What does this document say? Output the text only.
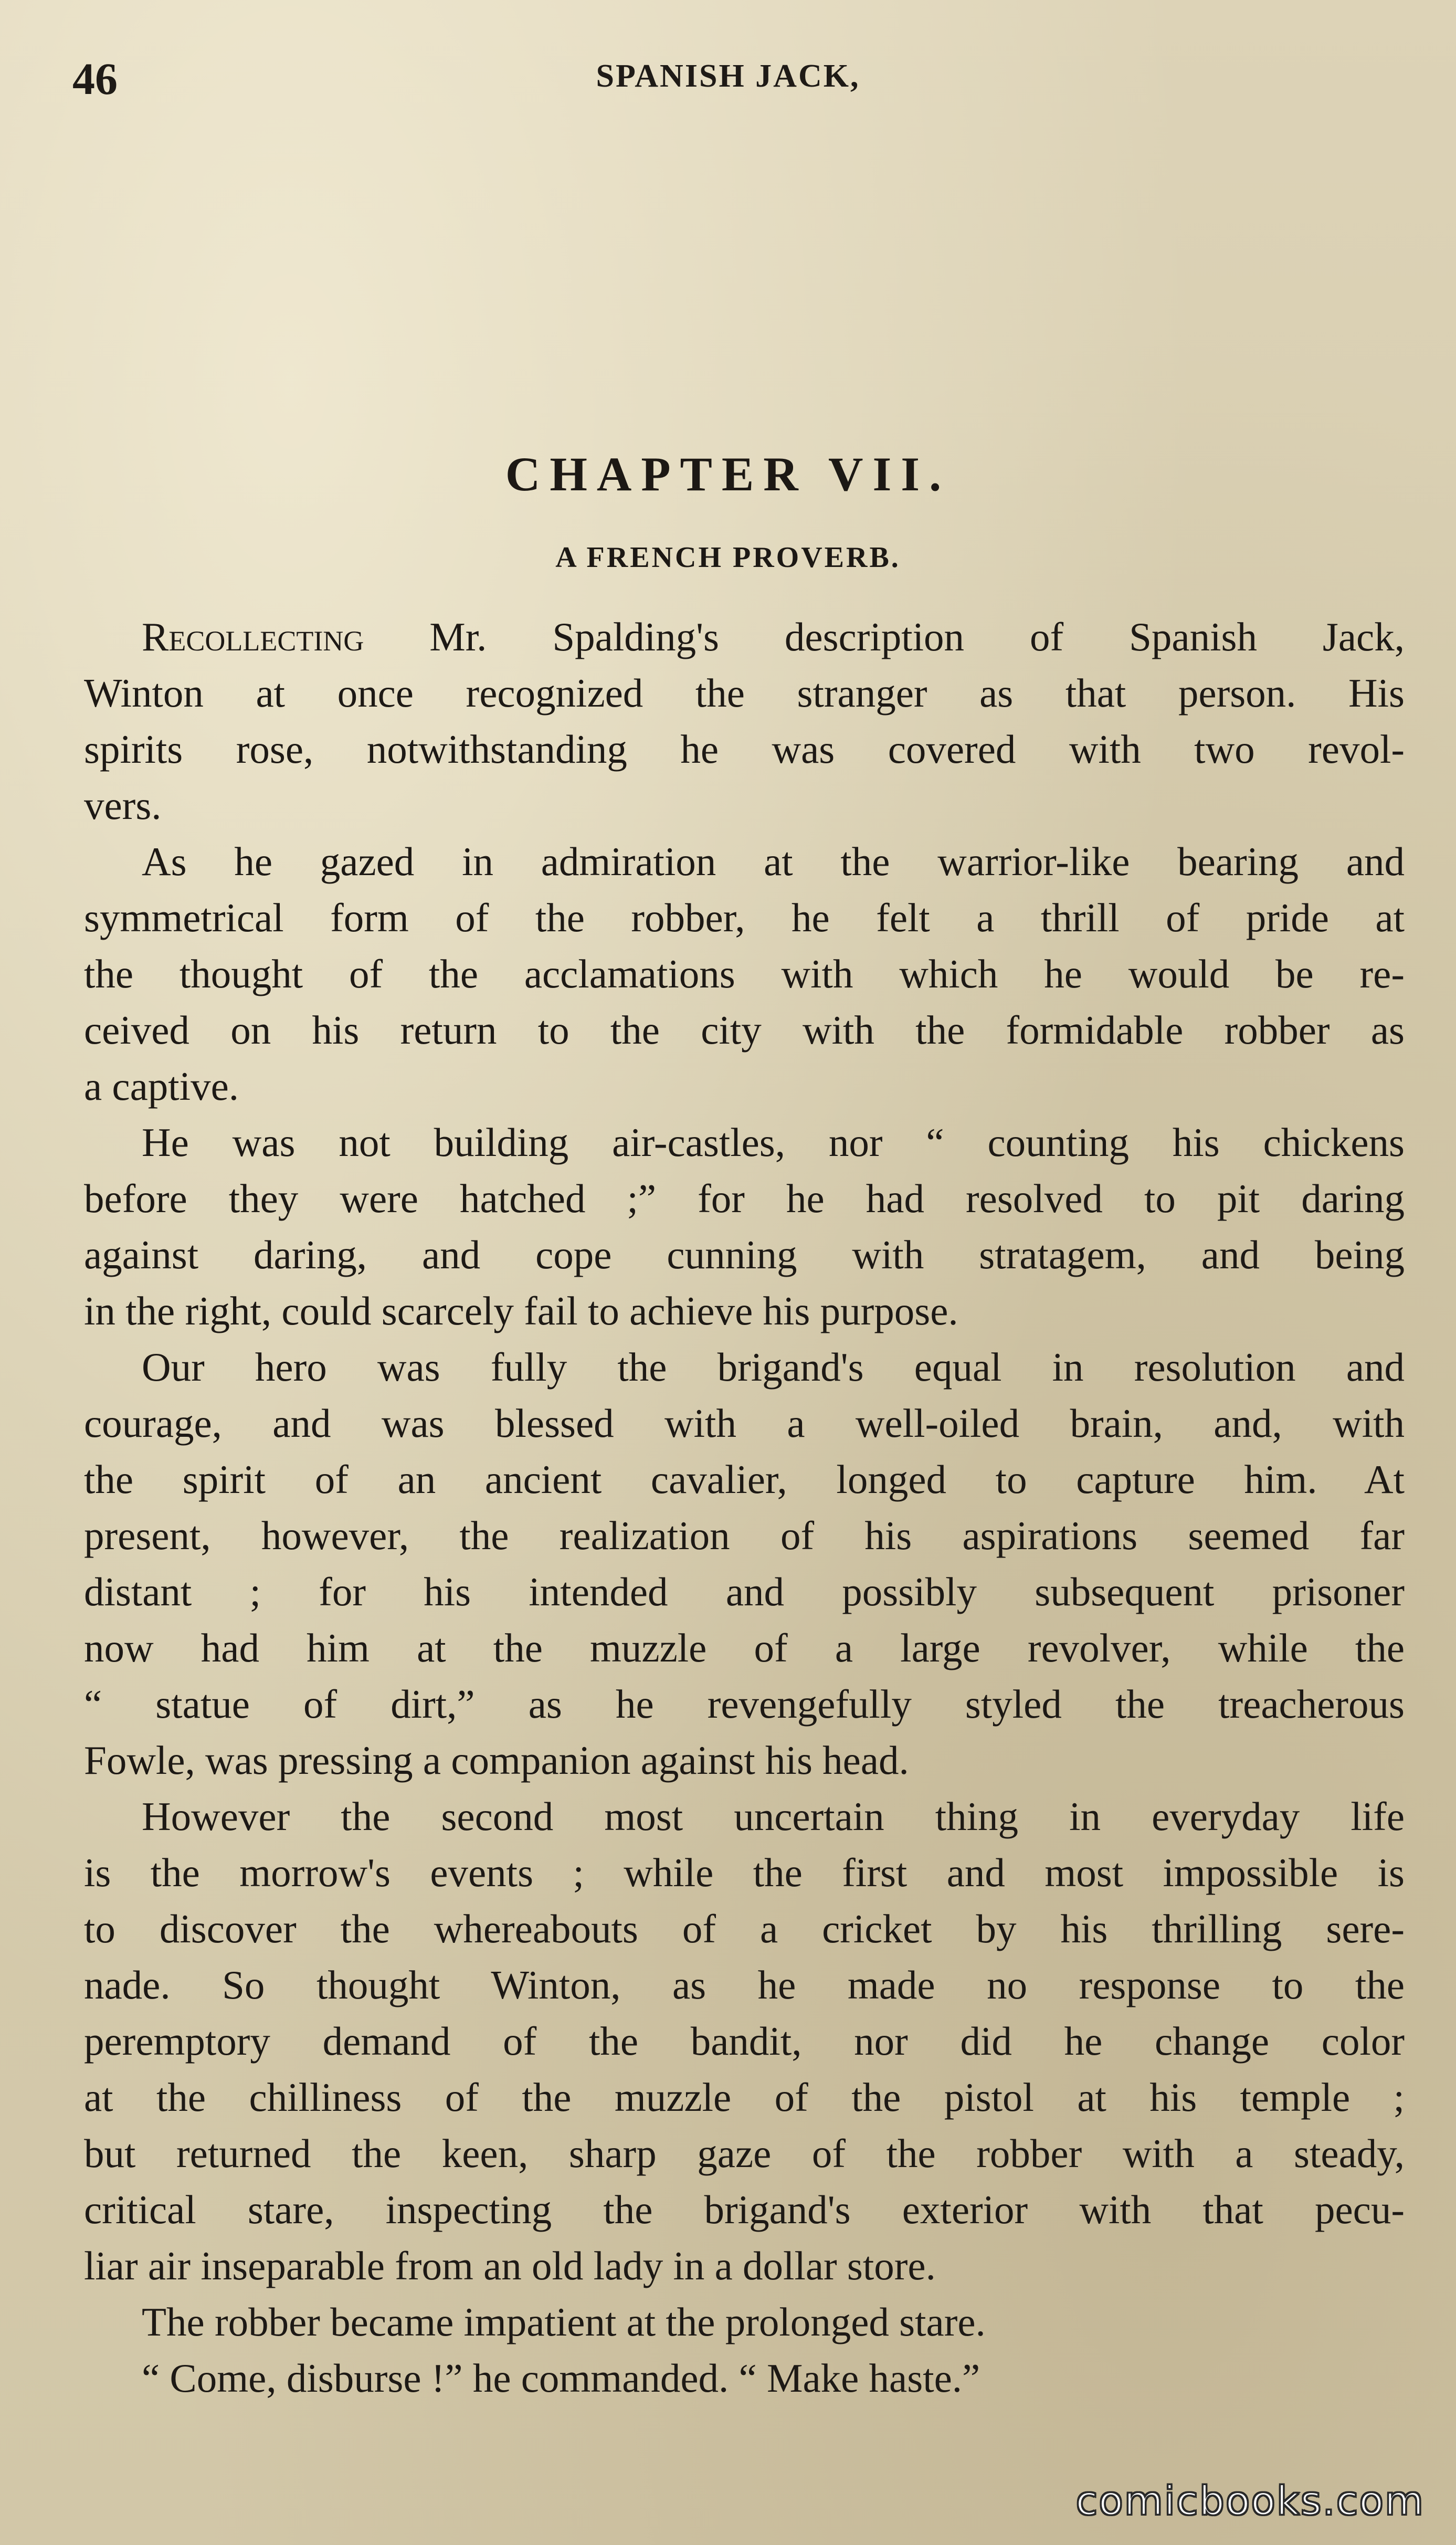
46	SPANISH JACK,
CHAPTER VII.
A FRENCH PROVERB.
Recollecting Mr. Spalding's description of Spanish Jack,
Winton at once recognized the stranger as that person. His
spirits rose, notwithstanding he was covered with two revol-
vers.
As he gazed in admiration at the warrior-like bearing and
symmetrical form of the robber, he felt a thrill of pride at
the thought of the acclamations with which he would be re-
ceived on his return to the city with the formidable robber as
a captive.
He was not building air-castles, nor “ counting his chickens
before they were hatched ;” for he had resolved to pit daring
against daring, and cope cunning with stratagem, and being
in the right, could scarcely fail to achieve his purpose.
Our hero was fully the brigand's equal in resolution and
courage, and was blessed with a well-oiled brain, and, with
the spirit of an ancient cavalier, longed to capture him. At
present, however, the realization of his aspirations seemed far
distant ; for his intended and possibly subsequent prisoner
now had him at the muzzle of a large revolver, while the
“ statue of dirt,” as he revengefully styled the treacherous
Fowle, was pressing a companion against his head.
However the second most uncertain thing in everyday life
is the morrow's events ; while the first and most impossible is
to discover the whereabouts of a cricket by his thrilling sere-
nade. So thought Winton, as he made no response to the
peremptory demand of the bandit, nor did he change color
at the chilliness of the muzzle of the pistol at his temple ;
but returned the keen, sharp gaze of the robber with a steady,
critical stare, inspecting the brigand's exterior with that pecu-
liar air inseparable from an old lady in a dollar store.
The robber became impatient at the prolonged stare.
“ Come, disburse !” he commanded. “ Make haste.”
comicbooks.com
